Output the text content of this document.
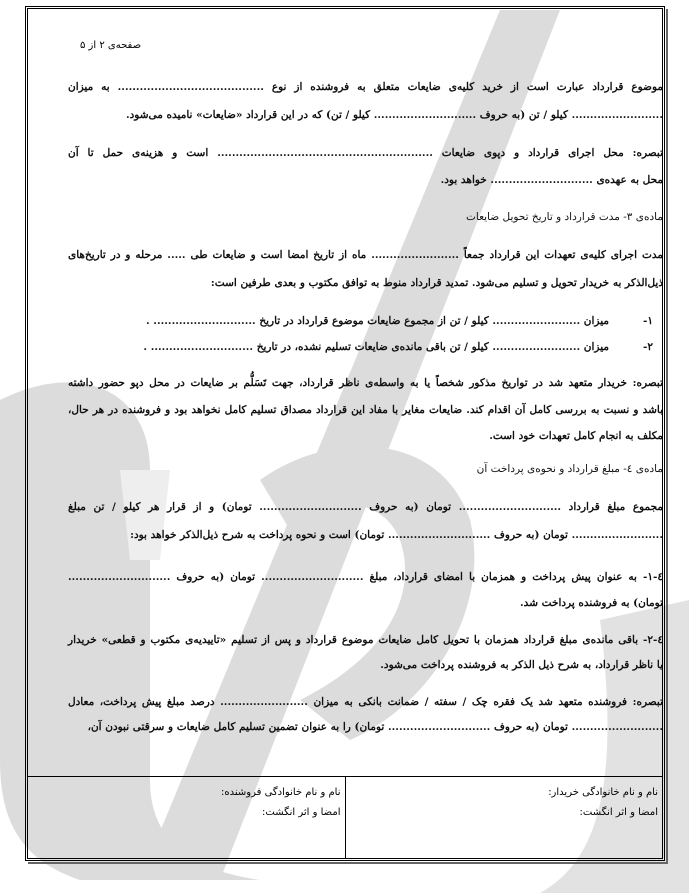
صفحه‌ی ۲ از ۵
موضوع قرارداد عبارت است از خرید کلیه‌ی ضایعات متعلق به فروشنده از نوع ........................................ به میزان
......................... کیلو / تن (به حروف ............................ کیلو / تن) که در این قرارداد «ضایعات» نامیده می‌شود.
تبصره: محل اجرای قرارداد و دپوی ضایعات ........................................................... است و هزینه‌ی حمل تا آن
محل به عهده‌ی ............................ خواهد بود.
ماده‌ی ۳- مدت قرارداد و تاریخ تحویل ضایعات
مدت اجرای کلیه‌ی تعهدات این قرارداد جمعاً ........................ ماه از تاریخ امضا است و ضایعات طی ..... مرحله و در تاریخ‌های
ذیل‌الذکر به خریدار تحویل و تسلیم می‌شود. تمدید قرارداد منوط به توافق مکتوب و بعدی طرفین است:
۱-
میزان ........................ کیلو / تن از مجموع ضایعات موضوع قرارداد در تاریخ ............................ .
۲-
میزان ........................ کیلو / تن باقی مانده‌ی ضایعات تسلیم نشده، در تاریخ ............................ .
تبصره: خریدار متعهد شد در تواریخ مذکور شخصاً یا به واسطه‌ی ناظر قرارداد، جهت تَسَلُّم بر ضایعات در محل دپو حضور داشته
باشد و نسبت به بررسی کامل آن اقدام کند. ضایعات مغایر با مفاد این قرارداد مصداق تسلیم کامل نخواهد بود و فروشنده در هر حال،
مکلف به انجام کامل تعهدات خود است.
ماده‌ی ٤- مبلغ قرارداد و نحوه‌ی پرداخت آن
مجموع مبلغ قرارداد ............................ تومان (به حروف ............................ تومان) و از قرار هر کیلو / تن مبلغ
......................... تومان (به حروف ............................ تومان) است و نحوه پرداخت به شرح ذیل‌الذکر خواهد بود:
٤-۱- به عنوان پیش پرداخت و همزمان با امضای قرارداد، مبلغ ............................ تومان (به حروف ............................
تومان) به فروشنده پرداخت شد.
٤-۲- باقی مانده‌ی مبلغ قرارداد همزمان با تحویل کامل ضایعات موضوع قرارداد و پس از تسلیم «تاییدیه‌ی مکتوب و قطعی» خریدار
یا ناظر قرارداد، به شرح ذیل الذکر به فروشنده پرداخت می‌شود.
تبصره: فروشنده متعهد شد یک فقره چک / سفته / ضمانت بانکی به میزان ........................ درصد مبلغ پیش پرداخت، معادل
......................... تومان (به حروف ............................ تومان) را به عنوان تضمین تسلیم کامل ضایعات و سرقتی نبودن آن،
نام و نام خانوادگی خریدار:
امضا و اثر انگشت:
نام و نام خانوادگی فروشنده:
امضا و اثر انگشت:
